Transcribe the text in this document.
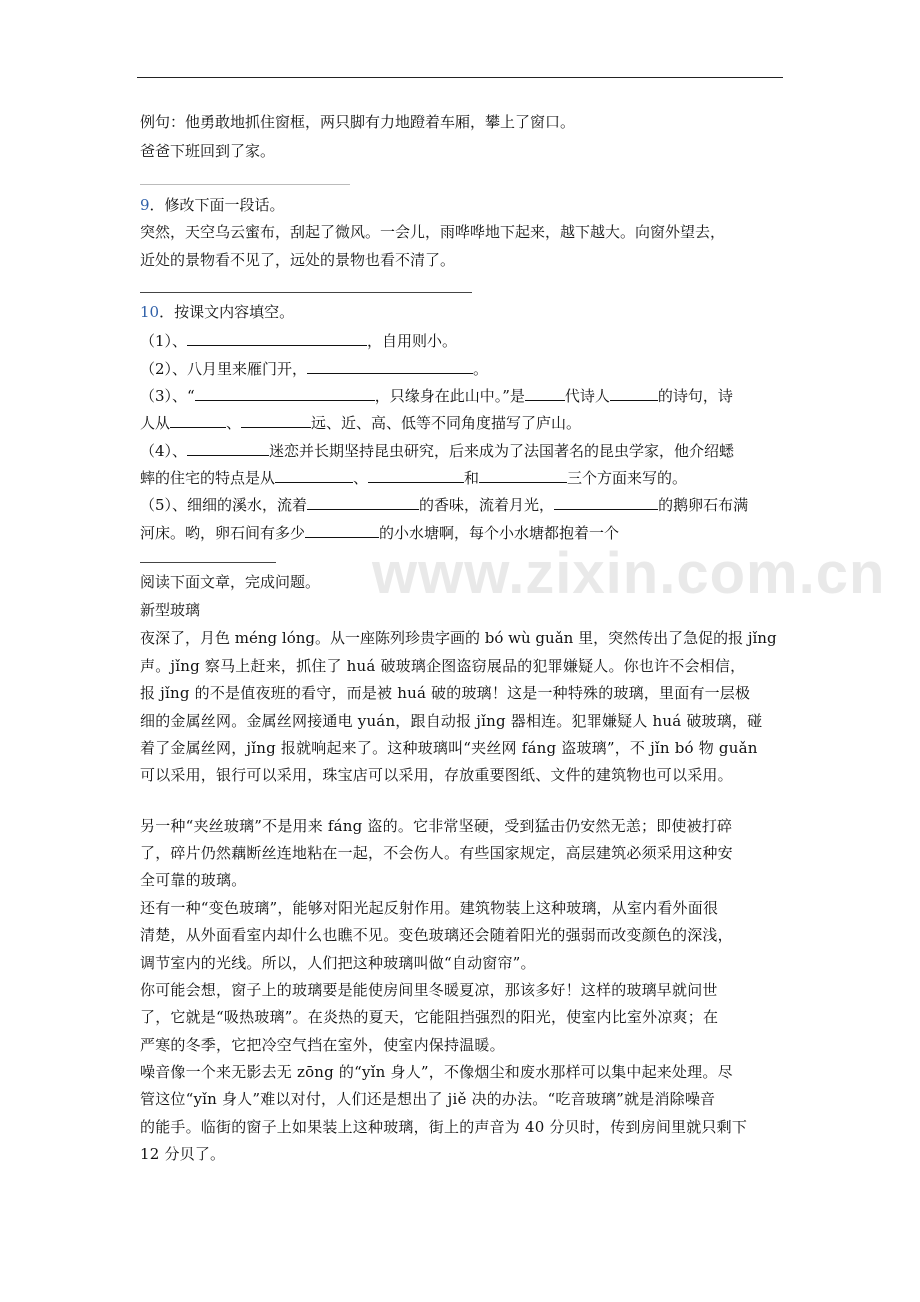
www.zixin.com.cn
例句：他勇敢地抓住窗框，两只脚有力地蹬着车厢，攀上了窗口。
爸爸下班回到了家。
9．修改下面一段话。
突然，天空乌云蜜布，刮起了微风。一会儿，雨哗哗地下起来，越下越大。向窗外望去，
近处的景物看不见了，远处的景物也看不清了。
10．按课文内容填空。
（1）、	，自用则小。
（2）、八月里来雁门开，	。
（3）、“	，只缘身在此山中。”是	代诗人	的诗句，诗
人从	、	远、近、高、低等不同角度描写了庐山。
（4）、	迷恋并长期坚持昆虫研究，后来成为了法国著名的昆虫学家，他介绍蟋
蟀的住宅的特点是从	、	和	三个方面来写的。
（5）、细细的溪水，流着	的香味，流着月光，	的鹅卵石布满
河床。哟，卵石间有多少	的小水塘啊，每个小水塘都抱着一个
阅读下面文章，完成问题。
新型玻璃
夜深了，月色 méng lóng。从一座陈列珍贵字画的 bó wù guǎn 里，突然传出了急促的报 jǐng
声。jǐng 察马上赶来，抓住了 huá 破玻璃企图盗窃展品的犯罪嫌疑人。你也许不会相信，
报 jǐng 的不是值夜班的看守，而是被 huá 破的玻璃！这是一种特殊的玻璃，里面有一层极
细的金属丝网。金属丝网接通电 yuán，跟自动报 jǐng 器相连。犯罪嫌疑人 huá 破玻璃，碰
着了金属丝网，jǐng 报就响起来了。这种玻璃叫“夹丝网 fáng 盗玻璃”，不 jǐn bó 物 guǎn
可以采用，银行可以采用，珠宝店可以采用，存放重要图纸、文件的建筑物也可以采用。
另一种“夹丝玻璃”不是用来 fáng 盗的。它非常坚硬，受到猛击仍安然无恙；即使被打碎
了，碎片仍然藕断丝连地粘在一起，不会伤人。有些国家规定，高层建筑必须采用这种安
全可靠的玻璃。
还有一种“变色玻璃”，能够对阳光起反射作用。建筑物装上这种玻璃，从室内看外面很
清楚，从外面看室内却什么也瞧不见。变色玻璃还会随着阳光的强弱而改变颜色的深浅，
调节室内的光线。所以，人们把这种玻璃叫做“自动窗帘”。
你可能会想，窗子上的玻璃要是能使房间里冬暖夏凉，那该多好！这样的玻璃早就问世
了，它就是“吸热玻璃”。在炎热的夏天，它能阻挡强烈的阳光，使室内比室外凉爽；在
严寒的冬季，它把冷空气挡在室外，使室内保持温暖。
噪音像一个来无影去无 zōng 的“yǐn 身人”，不像烟尘和废水那样可以集中起来处理。尽
管这位“yǐn 身人”难以对付，人们还是想出了 jiě 决的办法。“吃音玻璃”就是消除噪音
的能手。临街的窗子上如果装上这种玻璃，街上的声音为 40 分贝时，传到房间里就只剩下
12 分贝了。
